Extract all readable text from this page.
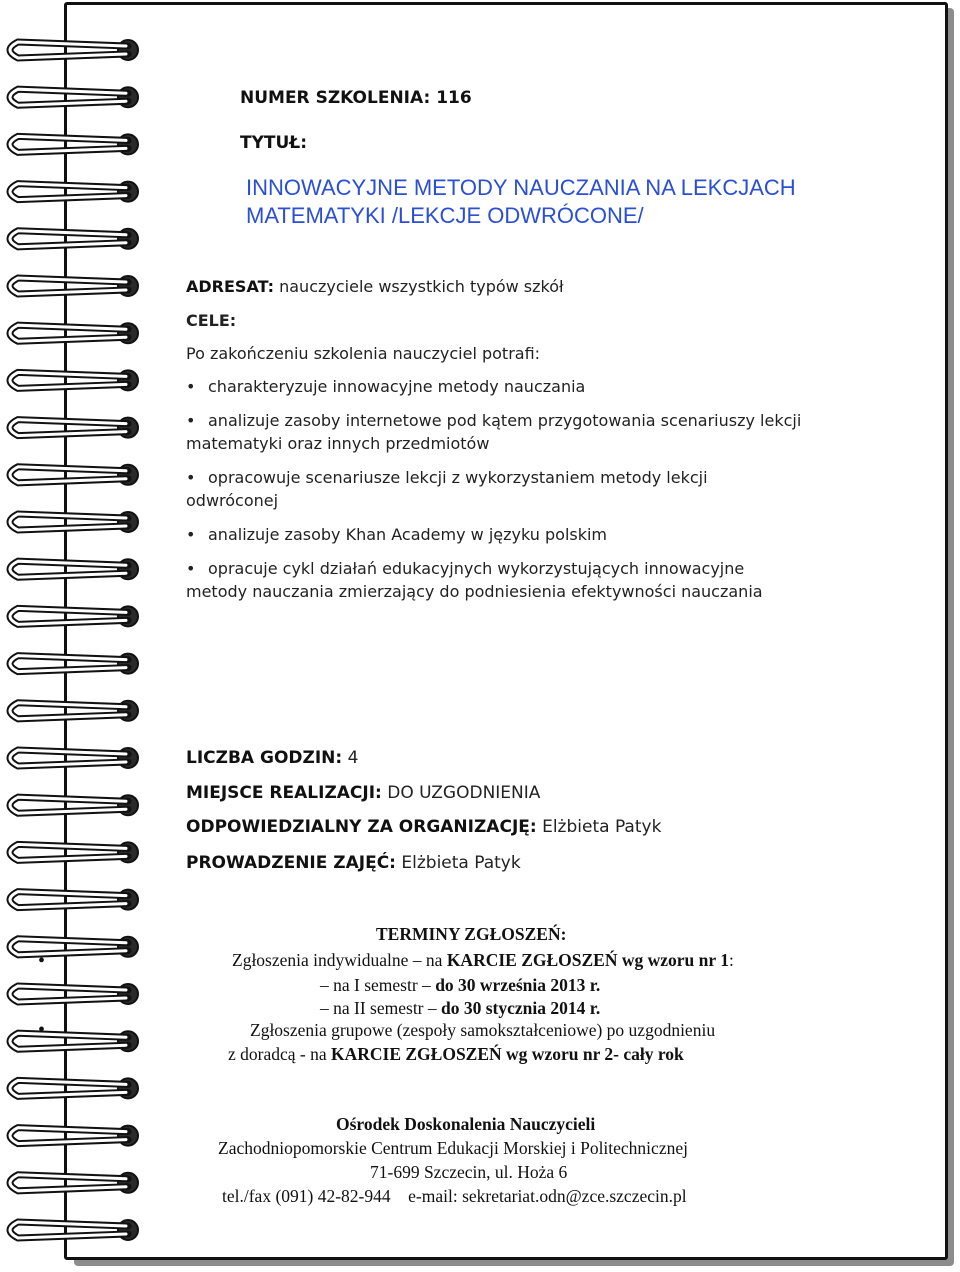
NUMER SZKOLENIA: 116
TYTUŁ:
INNOWACYJNE METODY NAUCZANIA NA LEKCJACH
MATEMATYKI /LEKCJE ODWRÓCONE/
ADRESAT: nauczyciele wszystkich typów szkół
CELE:
Po zakończeniu szkolenia nauczyciel potrafi:
• charakteryzuje innowacyjne metody nauczania
• analizuje zasoby internetowe pod kątem przygotowania scenariuszy lekcji
matematyki oraz innych przedmiotów
• opracowuje scenariusze lekcji z wykorzystaniem metody lekcji
odwróconej
• analizuje zasoby Khan Academy w języku polskim
• opracuje cykl działań edukacyjnych wykorzystujących innowacyjne
metody nauczania zmierzający do podniesienia efektywności nauczania
LICZBA GODZIN: 4
MIEJSCE REALIZACJI: DO UZGODNIENIA
ODPOWIEDZIALNY ZA ORGANIZACJĘ: Elżbieta Patyk
PROWADZENIE ZAJĘĆ: Elżbieta Patyk
TERMINY ZGŁOSZEŃ:
•	Zgłoszenia indywidualne – na KARCIE ZGŁOSZEŃ wg wzoru nr 1:
– na I semestr – do 30 września 2013 r.
– na II semestr – do 30 stycznia 2014 r.
•	Zgłoszenia grupowe (zespoły samokształceniowe) po uzgodnieniu
z doradcą - na KARCIE ZGŁOSZEŃ wg wzoru nr 2- cały rok
Ośrodek Doskonalenia Nauczycieli
Zachodniopomorskie Centrum Edukacji Morskiej i Politechnicznej
71-699 Szczecin, ul. Hoża 6
tel./fax (091) 42-82-944    e-mail: sekretariat.odn@zce.szczecin.pl
